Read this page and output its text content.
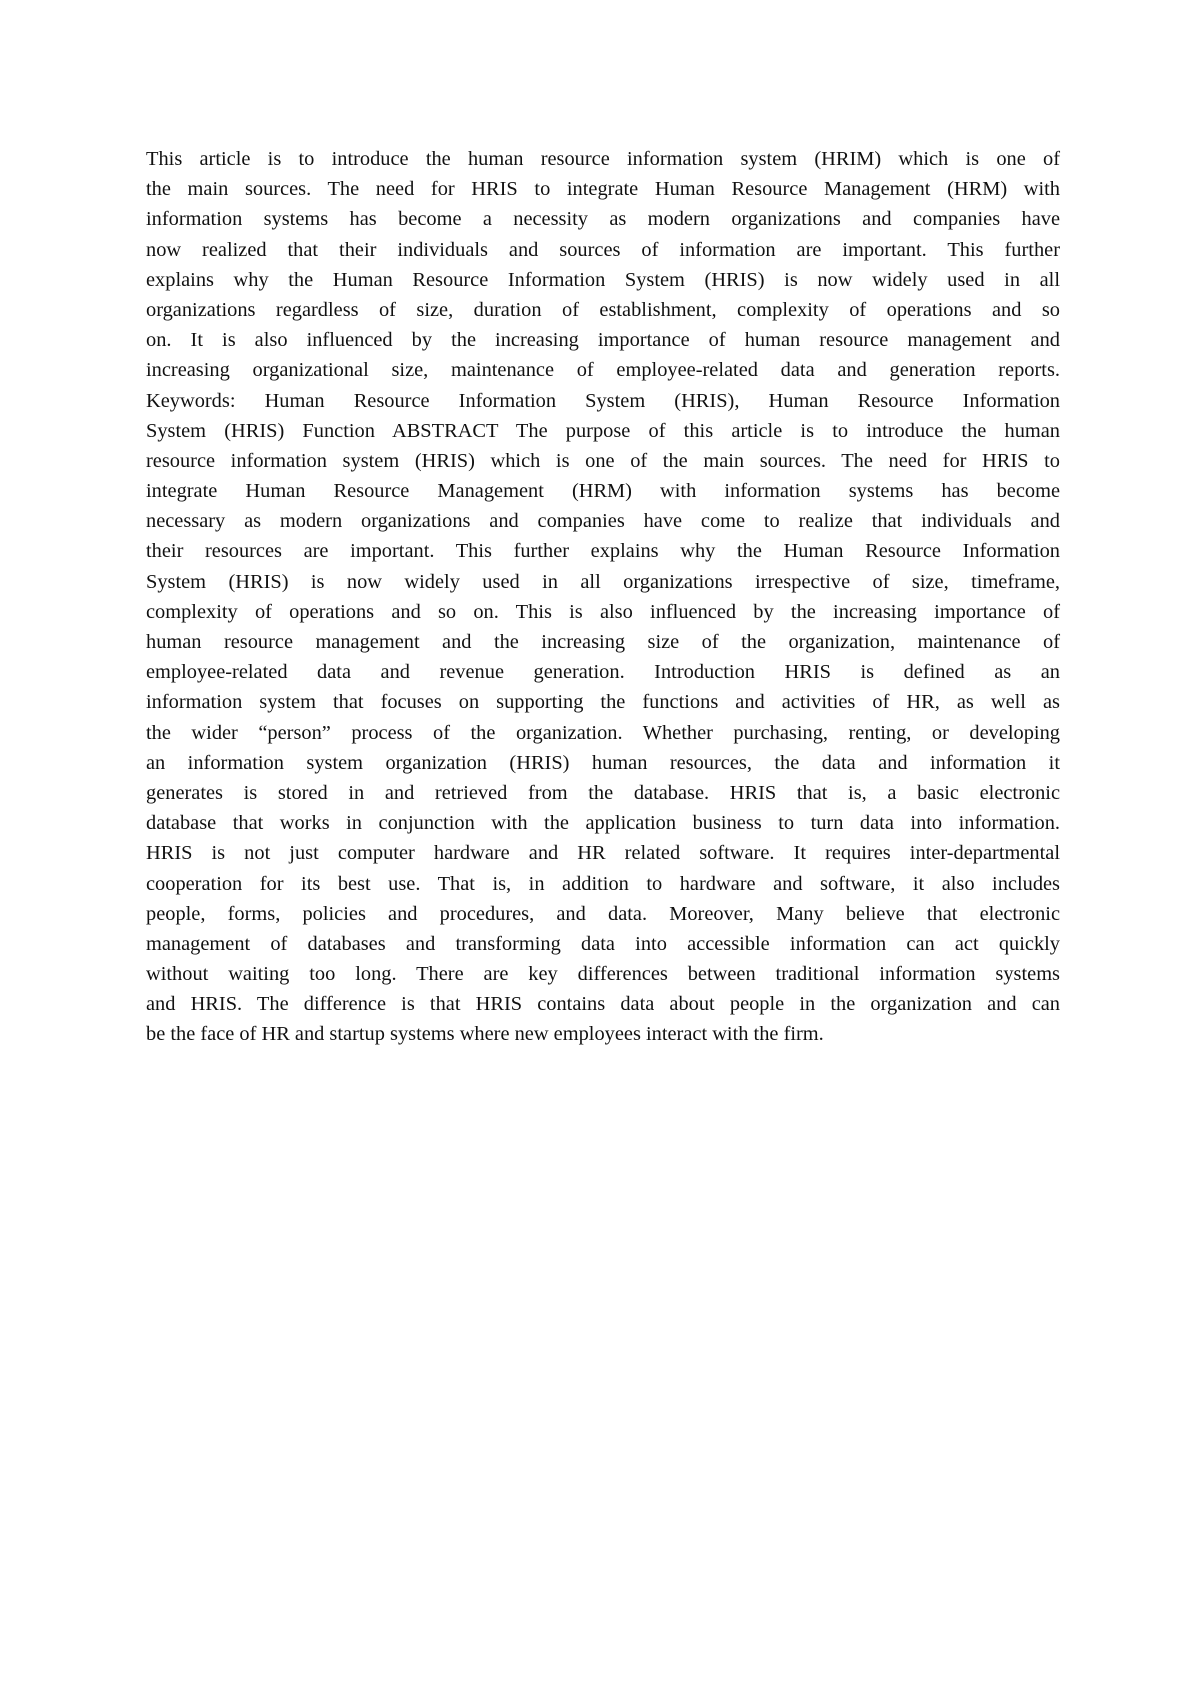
This article is to introduce the human resource information system (HRIM) which is one of
the main sources. The need for HRIS to integrate Human Resource Management (HRM) with
information systems has become a necessity as modern organizations and companies have
now realized that their individuals and sources of information are important. This further
explains why the Human Resource Information System (HRIS) is now widely used in all
organizations regardless of size, duration of establishment, complexity of operations and so
on. It is also influenced by the increasing importance of human resource management and
increasing organizational size, maintenance of employee-related data and generation reports.
Keywords: Human Resource Information System (HRIS), Human Resource Information
System (HRIS) Function ABSTRACT The purpose of this article is to introduce the human
resource information system (HRIS) which is one of the main sources. The need for HRIS to
integrate Human Resource Management (HRM) with information systems has become
necessary as modern organizations and companies have come to realize that individuals and
their resources are important. This further explains why the Human Resource Information
System (HRIS) is now widely used in all organizations irrespective of size, timeframe,
complexity of operations and so on. This is also influenced by the increasing importance of
human resource management and the increasing size of the organization, maintenance of
employee-related data and revenue generation. Introduction HRIS is defined as an
information system that focuses on supporting the functions and activities of HR, as well as
the wider “person” process of the organization. Whether purchasing, renting, or developing
an information system organization (HRIS) human resources, the data and information it
generates is stored in and retrieved from the database. HRIS that is, a basic electronic
database that works in conjunction with the application business to turn data into information.
HRIS is not just computer hardware and HR related software. It requires inter-departmental
cooperation for its best use. That is, in addition to hardware and software, it also includes
people, forms, policies and procedures, and data. Moreover, Many believe that electronic
management of databases and transforming data into accessible information can act quickly
without waiting too long. There are key differences between traditional information systems
and HRIS. The difference is that HRIS contains data about people in the organization and can
be the face of HR and startup systems where new employees interact with the firm.
